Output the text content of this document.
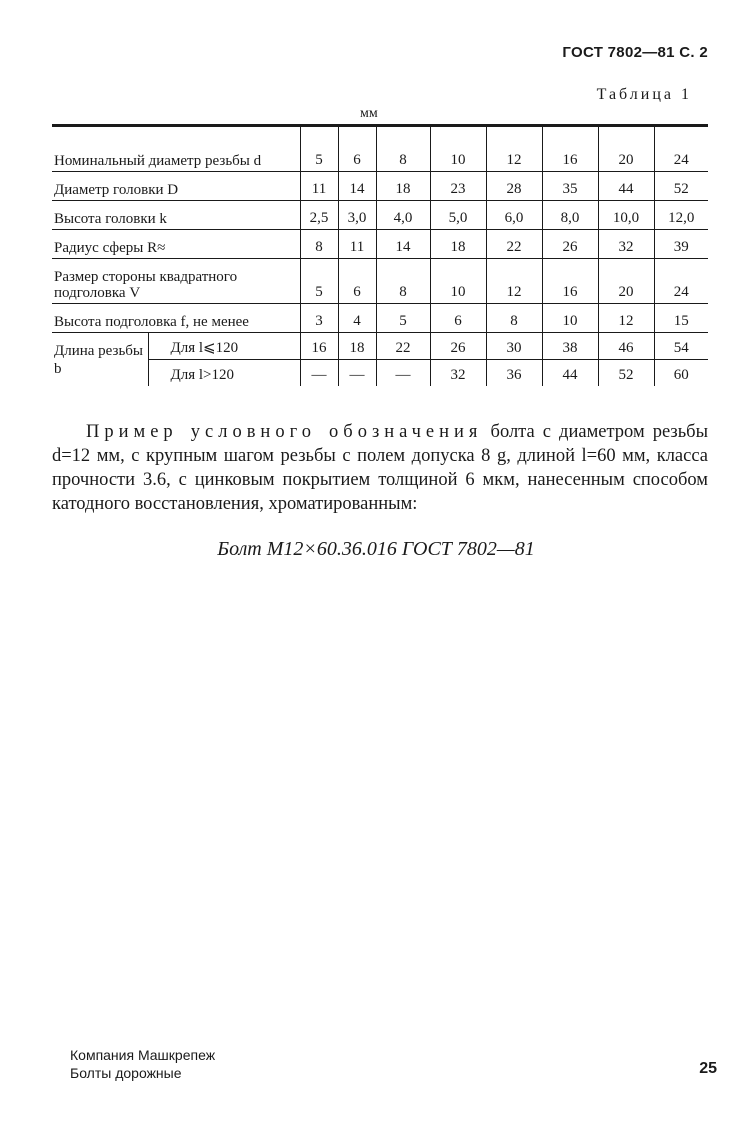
ГОСТ 7802—81 С. 2
Таблица 1
мм

Номинальный диаметр резьбы d		5	6	8	10	12	16	20	24
Диаметр головки D		11	14	18	23	28	35	44	52
Высота головки k		2,5	3,0	4,0	5,0	6,0	8,0	10,0	12,0
Радиус сферы R≈		8	11	14	18	22	26	32	39
Размер стороны квадратного подголовка V		5	6	8	10	12	16	20	24
Высота подголовка f, не менее		3	4	5	6	8	10	12	15
Длина резьбы b	Для l⩽120	16	18	22	26	30	38	46	54
	Для l>120	—	—	—	32	36	44	52	60
Пример условного обозначения болта с диаметром резьбы d=12 мм, с крупным шагом резьбы с полем допуска 8 g, длиной l=60 мм, класса прочности 3.6, с цинковым покрытием толщиной 6 мкм, нанесенным способом катодного восстановления, хроматированным:
Болт М12×60.36.016 ГОСТ 7802—81
Компания Машкрепеж
Болты дорожные	25
